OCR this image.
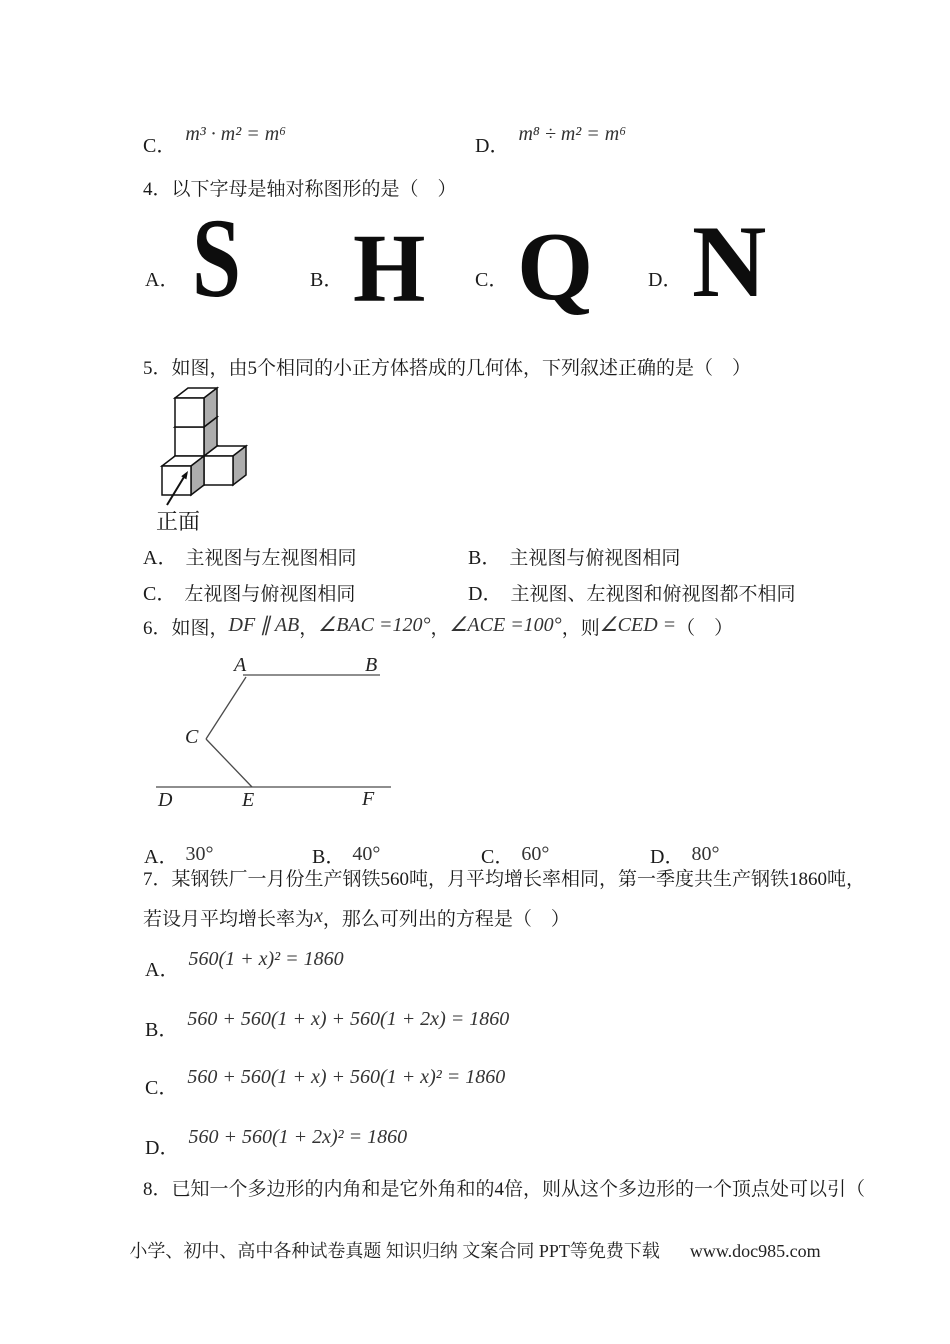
C．m³ · m² = m⁶
D．m⁸ ÷ m² = m⁶
4．以下字母是轴对称图形的是（　）
A． S	B． H C． Q	D． N
5．如图，由5个相同的小正方体搭成的几何体，下列叙述正确的是（　）
正面
A． 主视图与左视图相同	B． 主视图与俯视图相同
C． 左视图与俯视图相同	D． 主视图、左视图和俯视图都不相同
6．如图，DF ∥ AB，∠BAC =120°，∠ACE =100°，则∠CED =（　）
A	B
C
D	E	F
A． 30°	B． 40°	C． 60°	D． 80°
7．某钢铁厂一月份生产钢铁560吨，月平均增长率相同，第一季度共生产钢铁1860吨，
若设月平均增长率为x，那么可列出的方程是（　）
A． 560(1 + x)² = 1860
B． 560 + 560(1 + x) + 560(1 + 2x) = 1860
C． 560 + 560(1 + x) + 560(1 + x)² = 1860
D． 560 + 560(1 + 2x)² = 1860
8．已知一个多边形的内角和是它外角和的4倍，则从这个多边形的一个顶点处可以引（
小学、初中、高中各种试卷真题 知识归纳 文案合同 PPT等免费下载 www.doc985.com
